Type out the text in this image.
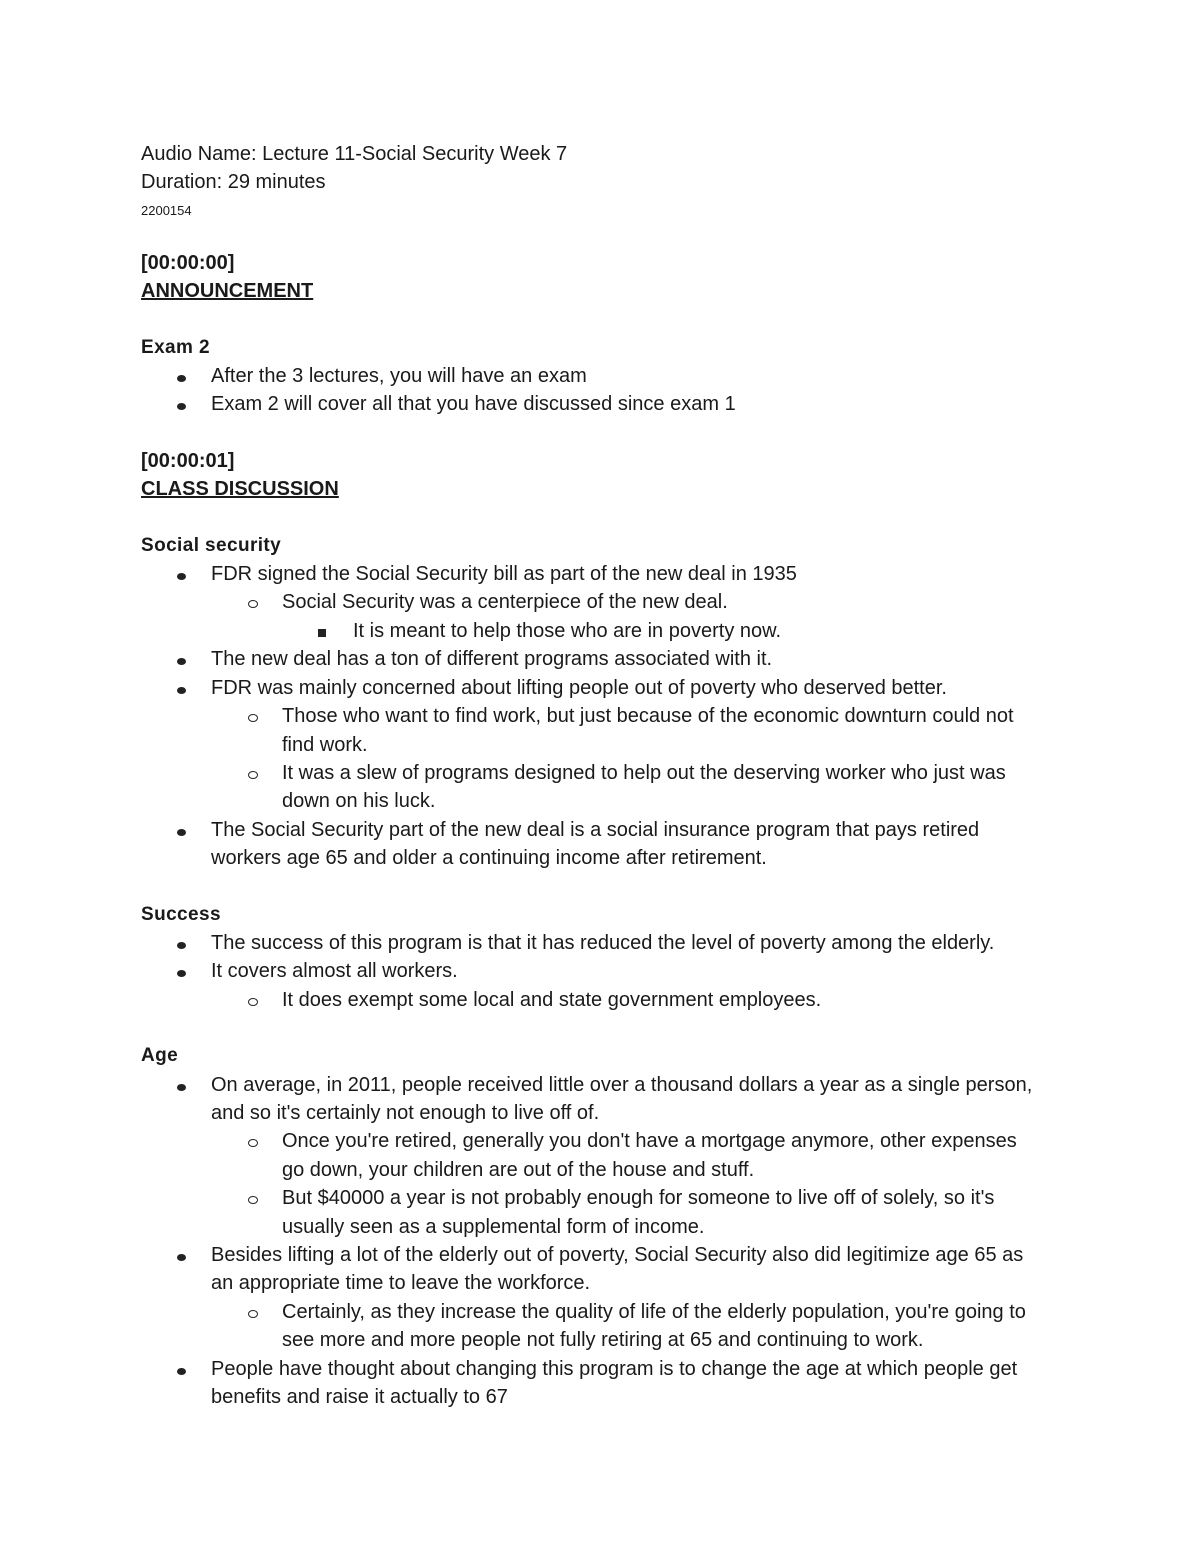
Audio Name: Lecture 11-Social Security Week 7
Duration: 29 minutes
2200154
[00:00:00]
ANNOUNCEMENT
Exam 2
After the 3 lectures, you will have an exam
Exam 2 will cover all that you have discussed since exam 1
[00:00:01]
CLASS DISCUSSION
Social security
FDR signed the Social Security bill as part of the new deal in 1935
Social Security was a centerpiece of the new deal.
It is meant to help those who are in poverty now.
The new deal has a ton of different programs associated with it.
FDR was mainly concerned about lifting people out of poverty who deserved better.
Those who want to find work, but just because of the economic downturn could not
find work.
It was a slew of programs designed to help out the deserving worker who just was
down on his luck.
The Social Security part of the new deal is a social insurance program that pays retired
workers age 65 and older a continuing income after retirement.
Success
The success of this program is that it has reduced the level of poverty among the elderly.
It covers almost all workers.
It does exempt some local and state government employees.
Age
On average, in 2011, people received little over a thousand dollars a year as a single person,
and so it's certainly not enough to live off of.
Once you're retired, generally you don't have a mortgage anymore, other expenses
go down, your children are out of the house and stuff.
But $40000 a year is not probably enough for someone to live off of solely, so it's
usually seen as a supplemental form of income.
Besides lifting a lot of the elderly out of poverty, Social Security also did legitimize age 65 as
an appropriate time to leave the workforce.
Certainly, as they increase the quality of life of the elderly population, you're going to
see more and more people not fully retiring at 65 and continuing to work.
People have thought about changing this program is to change the age at which people get
benefits and raise it actually to 67
